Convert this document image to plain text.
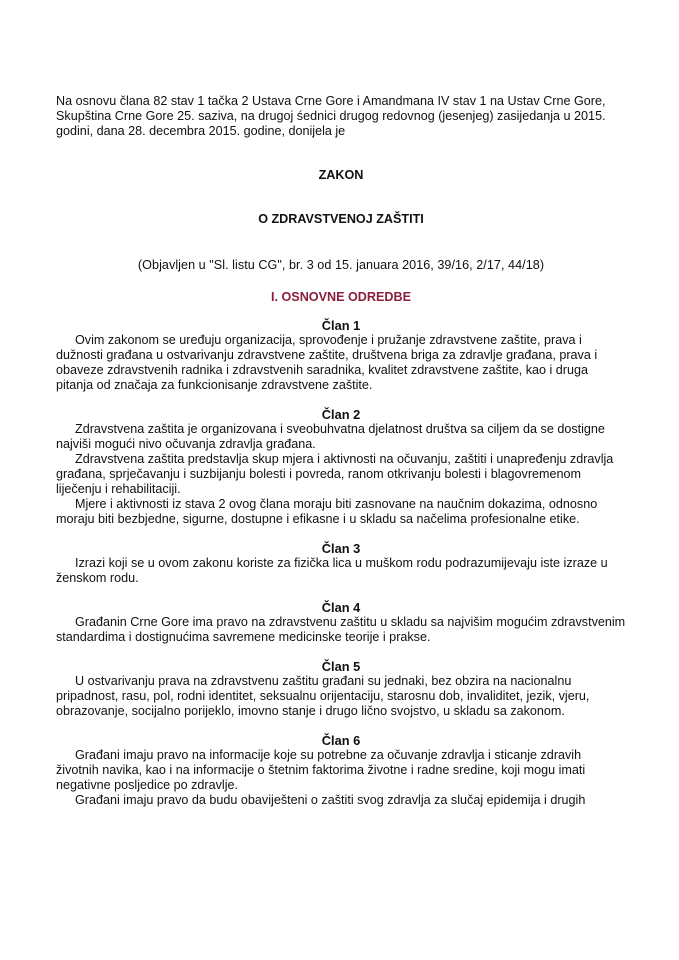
Na osnovu člana 82 stav 1 tačka 2 Ustava Crne Gore i Amandmana IV stav 1 na Ustav Crne Gore, Skupština Crne Gore 25. saziva, na drugoj śednici drugog redovnog (jesenjeg) zasijedanja u 2015. godini, dana 28. decembra 2015. godine, donijela je

ZAKON

O ZDRAVSTVENOJ ZAŠTITI

(Objavljen u "Sl. listu CG", br. 3 od 15. januara 2016, 39/16, 2/17, 44/18)

I. OSNOVNE ODREDBE

Član 1

Ovim zakonom se uređuju organizacija, sprovođenje i pružanje zdravstvene zaštite, prava i dužnosti građana u ostvarivanju zdravstvene zaštite, društvena briga za zdravlje građana, prava i obaveze zdravstvenih radnika i zdravstvenih saradnika, kvalitet zdravstvene zaštite, kao i druga pitanja od značaja za funkcionisanje zdravstvene zaštite.

Član 2

Zdravstvena zaštita je organizovana i sveobuhvatna djelatnost društva sa ciljem da se dostigne najviši mogući nivo očuvanja zdravlja građana.

Zdravstvena zaštita predstavlja skup mjera i aktivnosti na očuvanju, zaštiti i unapređenju zdravlja građana, sprječavanju i suzbijanju bolesti i povreda, ranom otkrivanju bolesti i blagovremenom liječenju i rehabilitaciji.

Mjere i aktivnosti iz stava 2 ovog člana moraju biti zasnovane na naučnim dokazima, odnosno moraju biti bezbjedne, sigurne, dostupne i efikasne i u skladu sa načelima profesionalne etike.

Član 3

Izrazi koji se u ovom zakonu koriste za fizička lica u muškom rodu podrazumijevaju iste izraze u ženskom rodu.

Član 4

Građanin Crne Gore ima pravo na zdravstvenu zaštitu u skladu sa najvišim mogućim zdravstvenim standardima i dostignućima savremene medicinske teorije i prakse.

Član 5

U ostvarivanju prava na zdravstvenu zaštitu građani su jednaki, bez obzira na nacionalnu pripadnost, rasu, pol, rodni identitet, seksualnu orijentaciju, starosnu dob, invaliditet, jezik, vjeru, obrazovanje, socijalno porijeklo, imovno stanje i drugo lično svojstvo, u skladu sa zakonom.

Član 6

Građani imaju pravo na informacije koje su potrebne za očuvanje zdravlja i sticanje zdravih životnih navika, kao i na informacije o štetnim faktorima životne i radne sredine, koji mogu imati negativne posljedice po zdravlje.

Građani imaju pravo da budu obaviješteni o zaštiti svog zdravlja za slučaj epidemija i drugih
